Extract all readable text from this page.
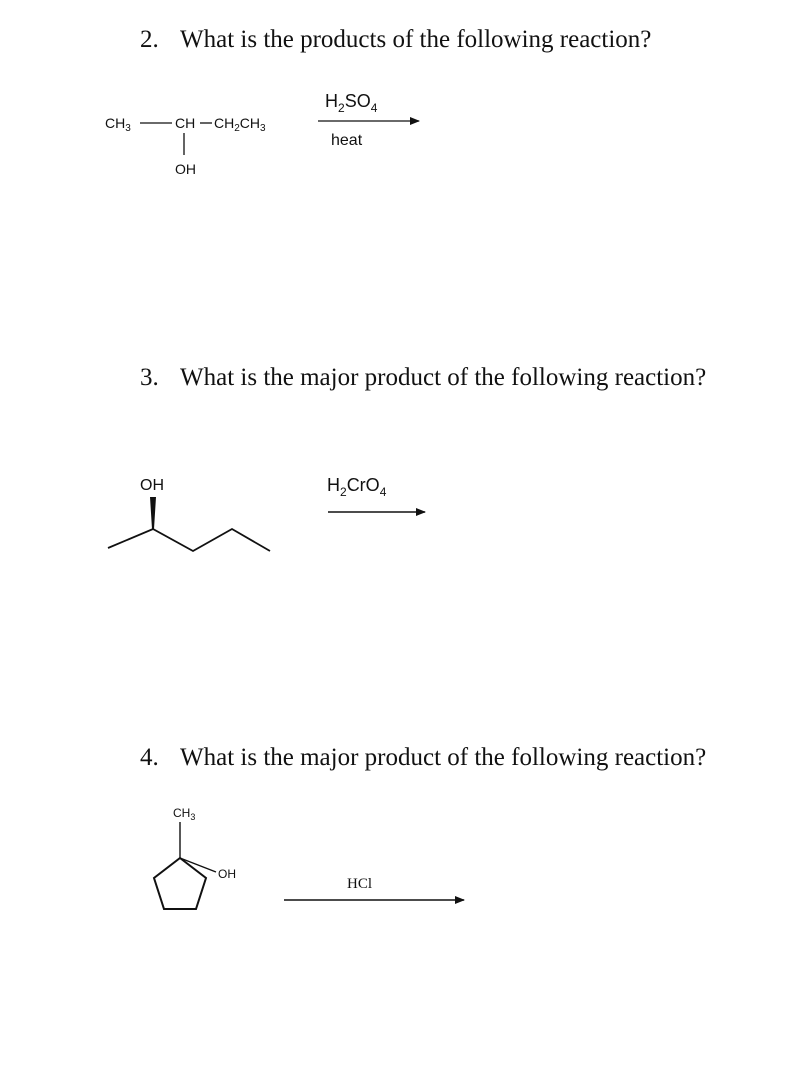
2. What is the products of the following reaction?
3. What is the major product of the following reaction?
4. What is the major product of the following reaction?
$CH_3$	CH $CH_2CH_3$
OH
$H_2SO_4$
heat
OH	$H_2CrO_4$
$CH_3$
OH
HCl
